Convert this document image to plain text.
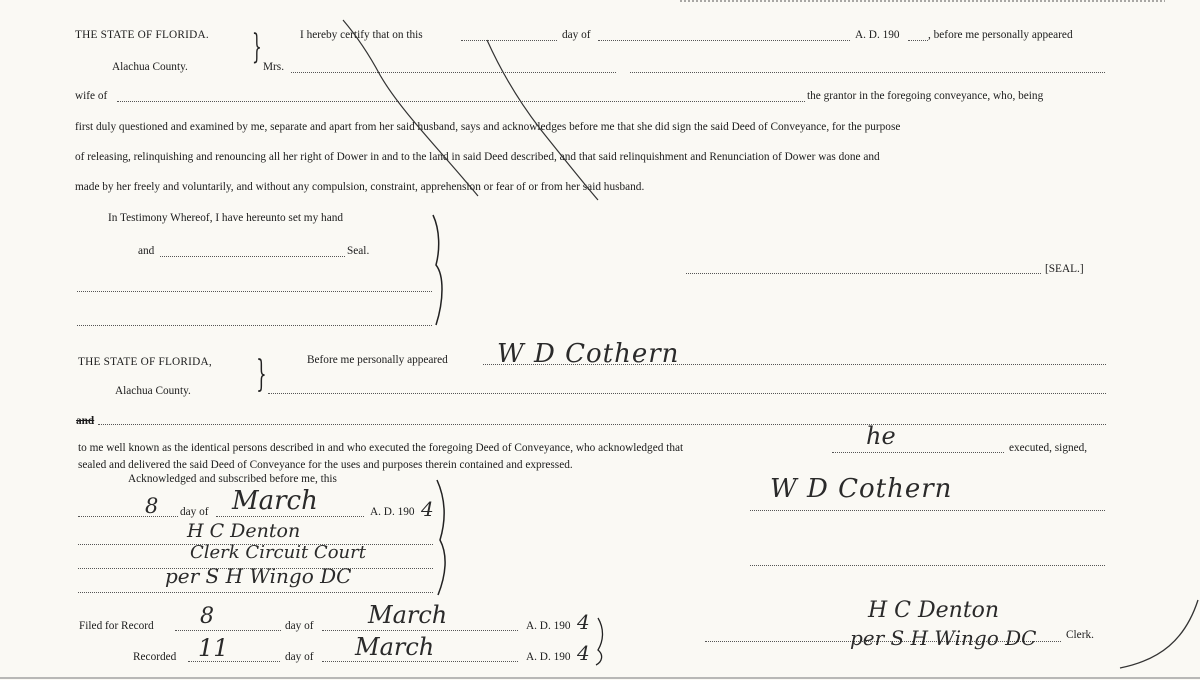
THE STATE OF FLORIDA.
Alachua County. }	I hereby certify that on this	day of	A. D. 190	, before me personally appeared
Mrs.
wife of	the grantor in the foregoing conveyance, who, being
first duly questioned and examined by me, separate and apart from her said husband, says and acknowledges before me that she did sign the said Deed of Conveyance, for the purpose
of releasing, relinquishing and renouncing all her right of Dower in and to the land in said Deed described, and that said relinquishment and Renunciation of Dower was done and
made by her freely and voluntarily, and without any compulsion, constraint, apprehension or fear of or from her said husband.
In Testimony Whereof, I have hereunto set my hand
and	Seal.
[SEAL.]
THE STATE OF FLORIDA,
Alachua County. }	Before me personally appeared W D Cothern
and
to me well known as the identical persons described in and who executed the foregoing Deed of Conveyance, who acknowledged that	he	executed, signed,
sealed and delivered the said Deed of Conveyance for the uses and purposes therein contained and expressed.
Acknowledged and subscribed before me, this
8 day of March	A. D. 190 4
H C Denton
Clerk Circuit Court
per S H Wingo DC
W D Cothern
Filed for Record 8	day of March	A. D. 190 4
Recorded 11	day of March	A. D. 190 4
H C Denton
per S H Wingo DC	Clerk.
